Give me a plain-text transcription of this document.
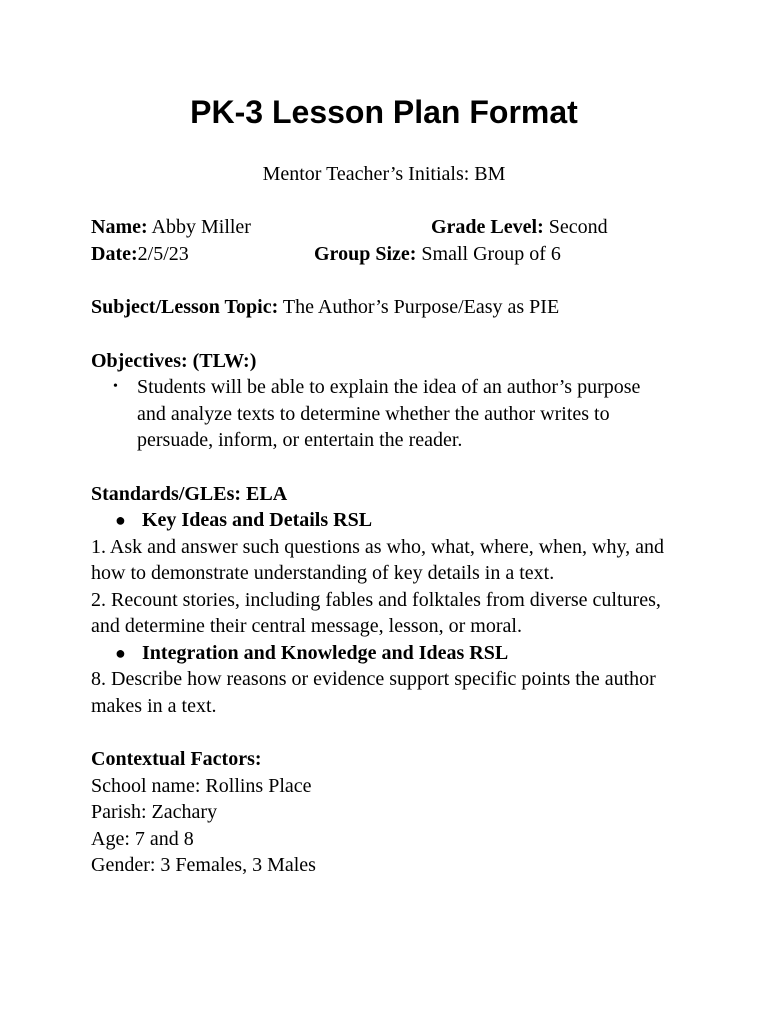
PK-3 Lesson Plan Format
Mentor Teacher’s Initials: BM
Name: Abby Miller	Grade Level: Second
Date:2/5/23	Group Size: Small Group of 6
Subject/Lesson Topic: The Author’s Purpose/Easy as PIE
Objectives: (TLW:)
• Students will be able to explain the idea of an author’s purpose and analyze texts to determine whether the author writes to persuade, inform, or entertain the reader.

Standards/GLEs: ELA
● Key Ideas and Details RSL

1. Ask and answer such questions as who, what, where, when, why, and how to demonstrate understanding of key details in a text.

2. Recount stories, including fables and folktales from diverse cultures, and determine their central message, lesson, or moral.

● Integration and Knowledge and Ideas RSL

8. Describe how reasons or evidence support specific points the author makes in a text.

Contextual Factors:
School name: Rollins Place
Parish: Zachary
Age: 7 and 8
Gender: 3 Females, 3 Males
